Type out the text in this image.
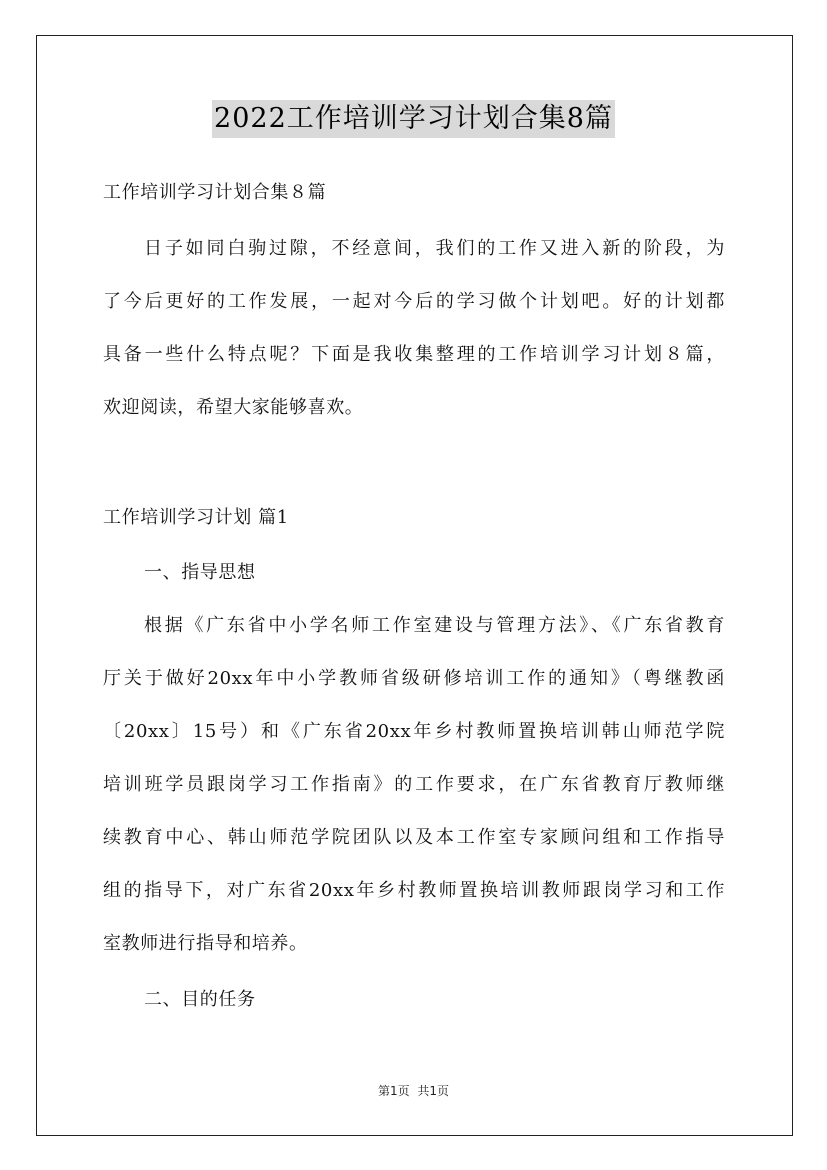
2022工作培训学习计划合集8篇
工作培训学习计划合集８篇
日子如同白驹过隙，不经意间，我们的工作又进入新的阶段，为
了今后更好的工作发展，一起对今后的学习做个计划吧。好的计划都
具备一些什么特点呢？下面是我收集整理的工作培训学习计划８篇，
欢迎阅读，希望大家能够喜欢。
工作培训学习计划 篇1
一、指导思想
根据《广东省中小学名师工作室建设与管理方法》、《广东省教育
厅关于做好20xx年中小学教师省级研修培训工作的通知》（粤继教函
〔20xx〕15号）和《广东省20xx年乡村教师置换培训韩山师范学院
培训班学员跟岗学习工作指南》的工作要求，在广东省教育厅教师继
续教育中心、韩山师范学院团队以及本工作室专家顾问组和工作指导
组的指导下，对广东省20xx年乡村教师置换培训教师跟岗学习和工作
室教师进行指导和培养。
二、目的任务
第1页 共1页
